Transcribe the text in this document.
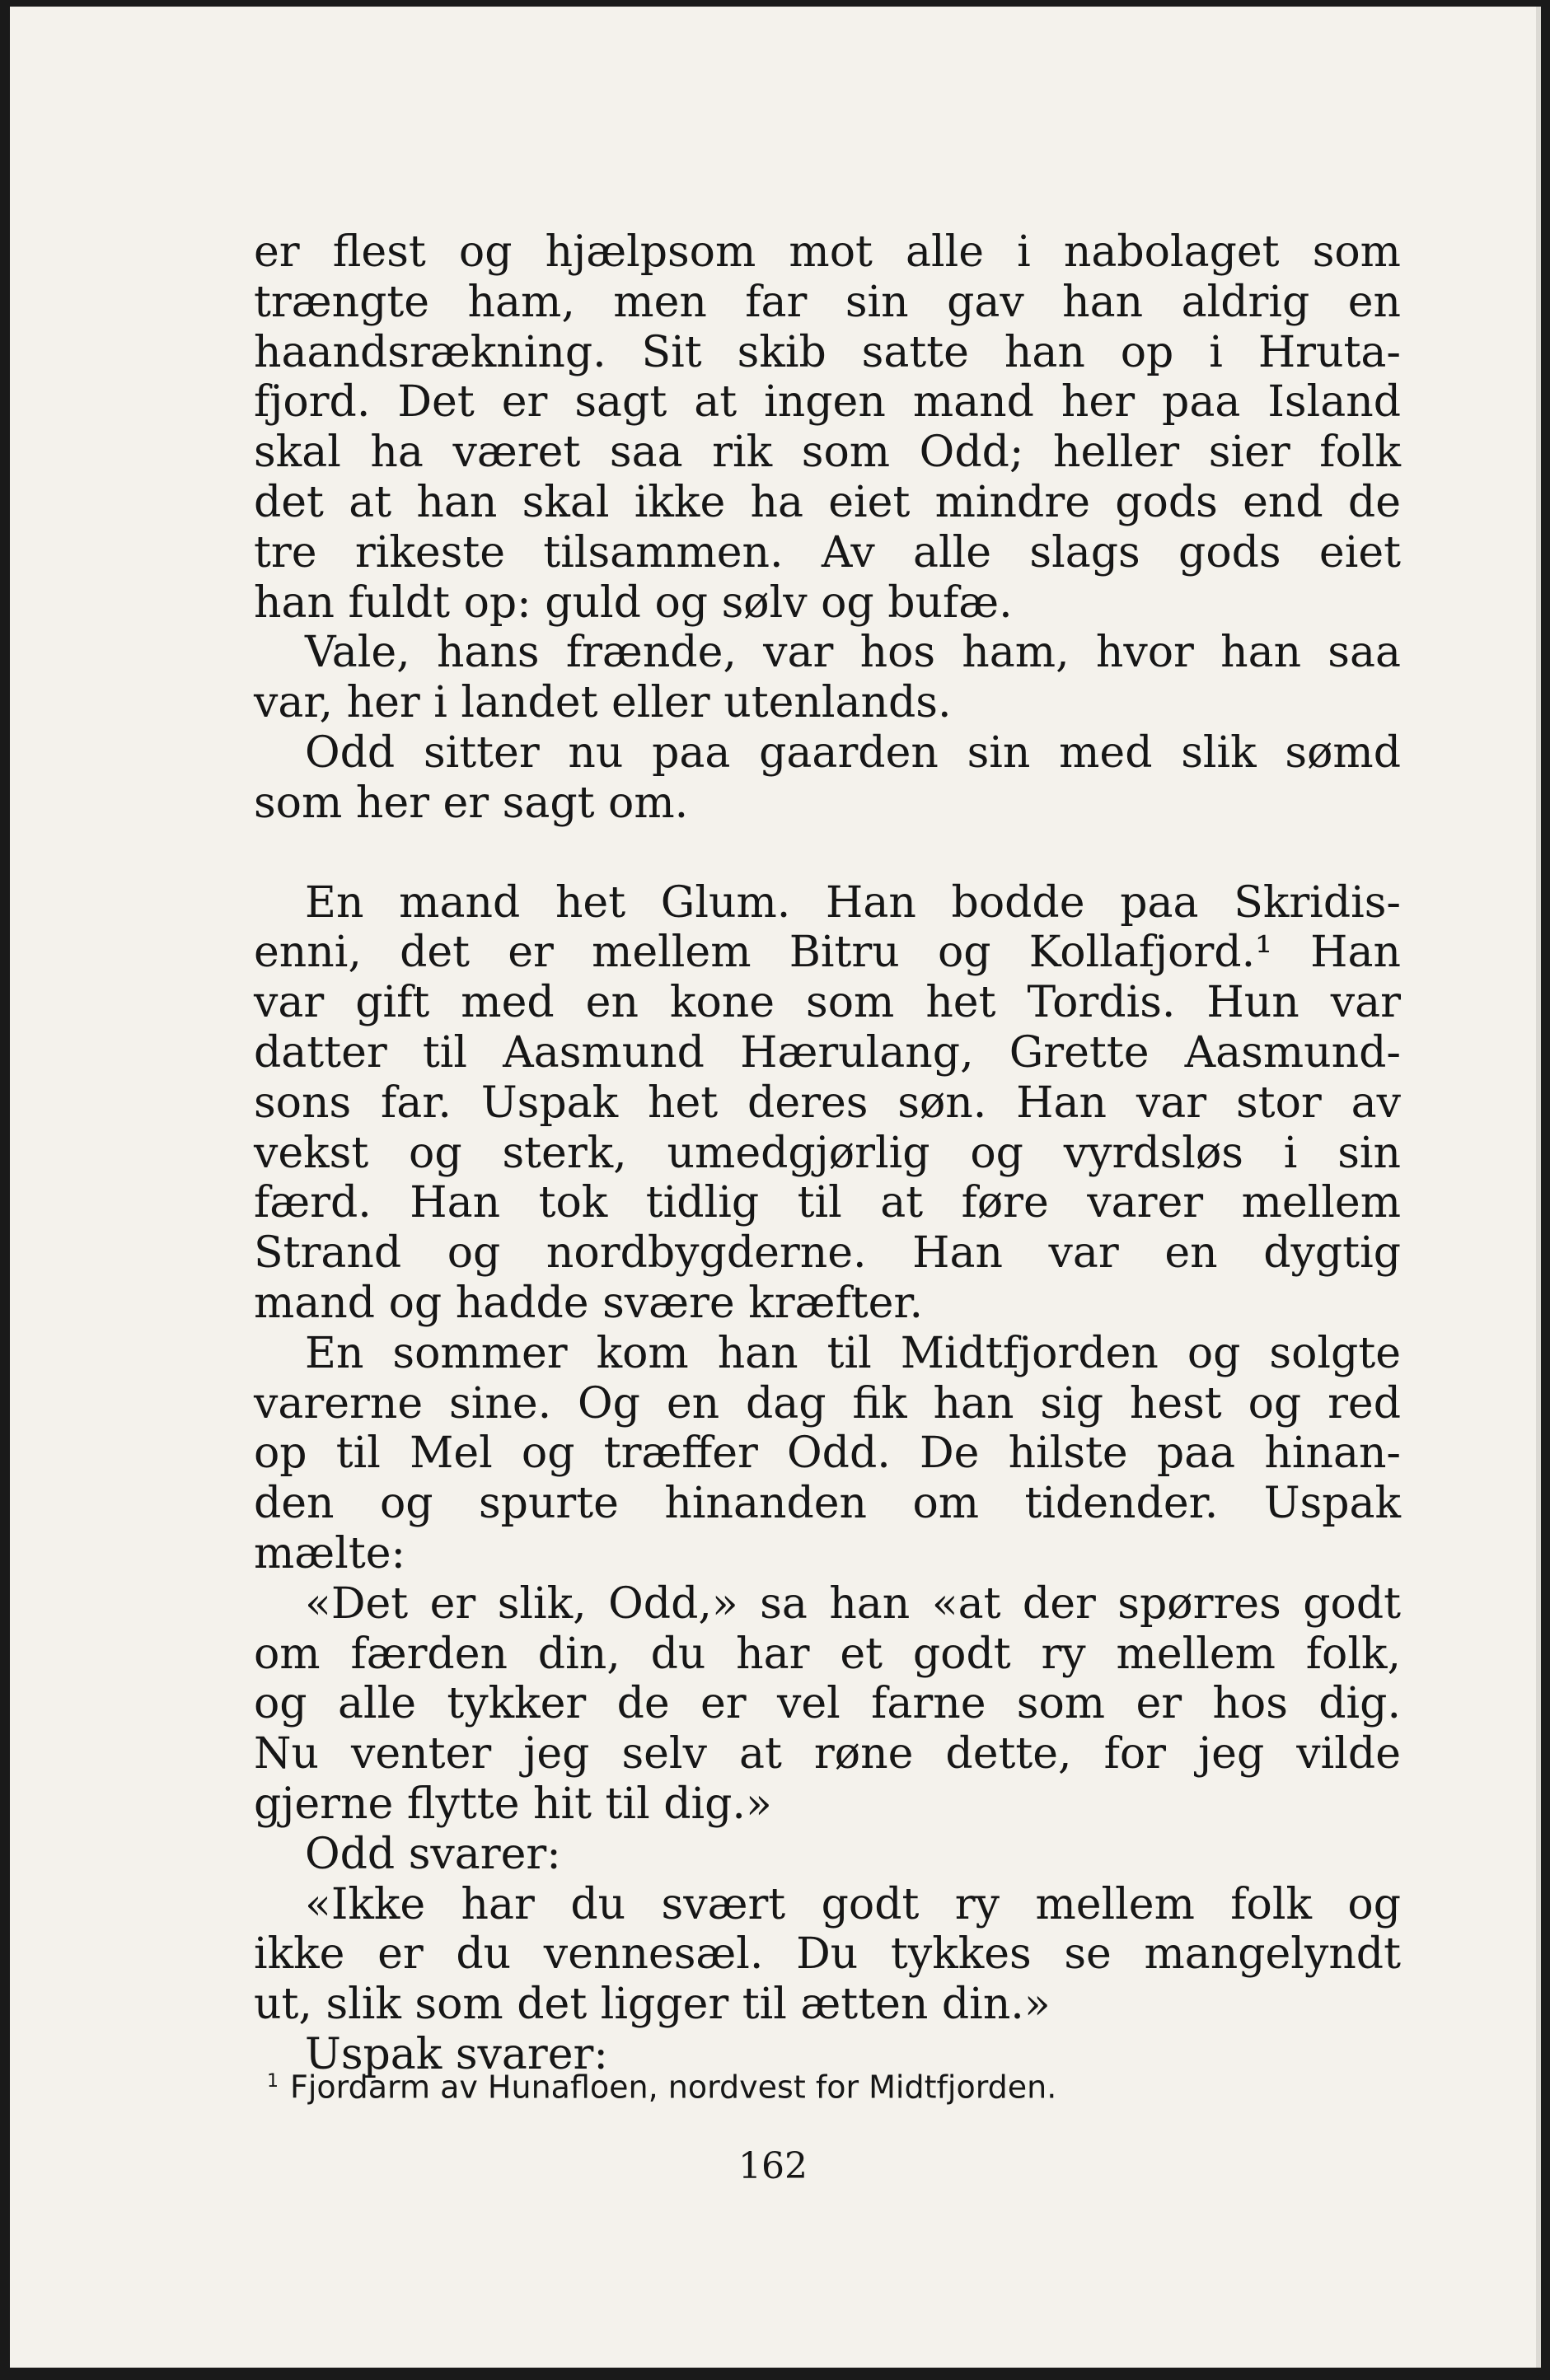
er flest og hjælpsom mot alle i nabolaget som
trængte ham, men far sin gav han aldrig en
haandsrækning. Sit skib satte han op i Hruta-
fjord. Det er sagt at ingen mand her paa Island
skal ha været saa rik som Odd; heller sier folk
det at han skal ikke ha eiet mindre gods end de
tre rikeste tilsammen. Av alle slags gods eiet
han fuldt op: guld og sølv og bufæ.
Vale, hans frænde, var hos ham, hvor han saa
var, her i landet eller utenlands.
Odd sitter nu paa gaarden sin med slik sømd
som her er sagt om.
En mand het Glum. Han bodde paa Skridis-
enni, det er mellem Bitru og Kollafjord.¹ Han
var gift med en kone som het Tordis. Hun var
datter til Aasmund Hærulang, Grette Aasmund-
sons far. Uspak het deres søn. Han var stor av
vekst og sterk, umedgjørlig og vyrdsløs i sin
færd. Han tok tidlig til at føre varer mellem
Strand og nordbygderne. Han var en dygtig
mand og hadde svære kræfter.
En sommer kom han til Midtfjorden og solgte
varerne sine. Og en dag fik han sig hest og red
op til Mel og træffer Odd. De hilste paa hinan-
den og spurte hinanden om tidender. Uspak
mælte:
«Det er slik, Odd,» sa han «at der spørres godt
om færden din, du har et godt ry mellem folk,
og alle tykker de er vel farne som er hos dig.
Nu venter jeg selv at røne dette, for jeg vilde
gjerne flytte hit til dig.»
Odd svarer:
«Ikke har du svært godt ry mellem folk og
ikke er du vennesæl. Du tykkes se mangelyndt
ut, slik som det ligger til ætten din.»
Uspak svarer:
$^1$ Fjordarm av Hunafloen, nordvest for Midtfjorden.
162
